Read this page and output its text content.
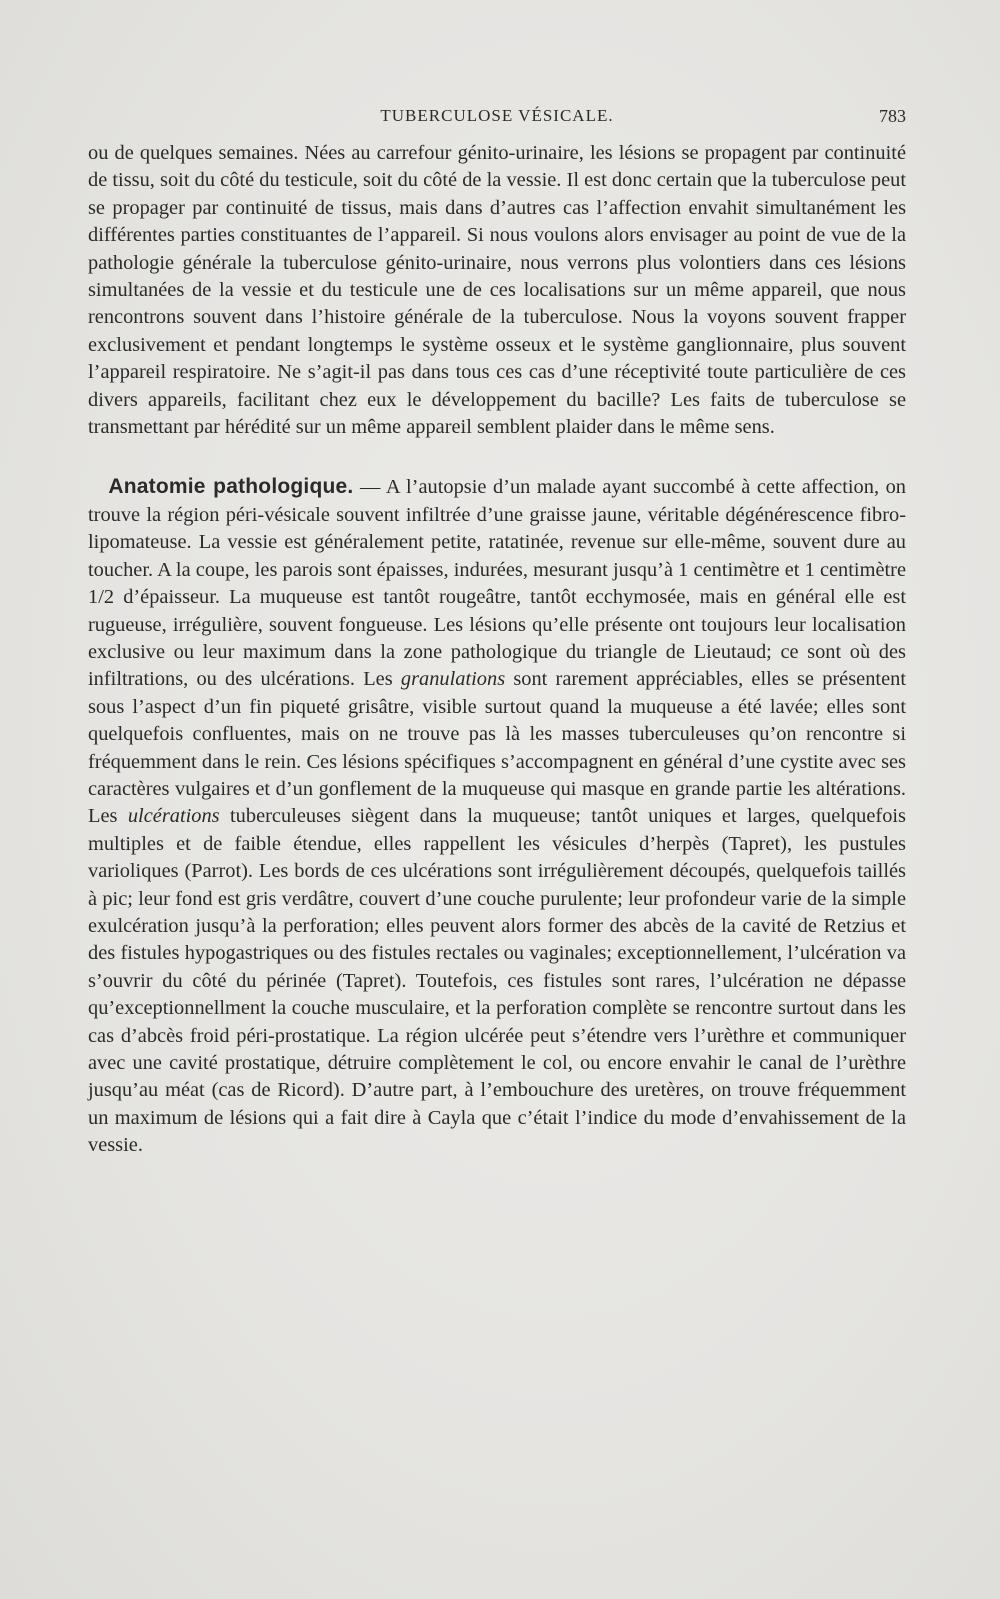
TUBERCULOSE VÉSICALE.	783

ou de quelques semaines. Nées au carrefour génito-urinaire, les lésions se propagent par continuité de tissu, soit du côté du testicule, soit du côté de la vessie. Il est donc certain que la tuberculose peut se propager par continuité de tissus, mais dans d’autres cas l’affection envahit simultanément les différentes parties constituantes de l’appareil. Si nous voulons alors envisager au point de vue de la pathologie générale la tuberculose génito-urinaire, nous verrons plus volontiers dans ces lésions simultanées de la vessie et du testicule une de ces localisations sur un même appareil, que nous rencontrons souvent dans l’histoire générale de la tuberculose. Nous la voyons souvent frapper exclusivement et pendant longtemps le système osseux et le système ganglionnaire, plus souvent l’appareil respiratoire. Ne s’agit-il pas dans tous ces cas d’une réceptivité toute particulière de ces divers appareils, facilitant chez eux le développement du bacille? Les faits de tuberculose se transmettant par hérédité sur un même appareil semblent plaider dans le même sens.

 Anatomie pathologique. — A l’autopsie d’un malade ayant succombé à cette affection, on trouve la région péri-vésicale souvent infiltrée d’une graisse jaune, véritable dégénérescence fibro-lipomateuse. La vessie est généralement petite, ratatinée, revenue sur elle-même, souvent dure au toucher. A la coupe, les parois sont épaisses, indurées, mesurant jusqu’à 1 centimètre et 1 centimètre 1/2 d’épaisseur. La muqueuse est tantôt rougeâtre, tantôt ecchymosée, mais en général elle est rugueuse, irrégulière, souvent fongueuse. Les lésions qu’elle présente ont toujours leur localisation exclusive ou leur maximum dans la zone pathologique du triangle de Lieutaud; ce sont où des infiltrations, ou des ulcérations. Les granulations sont rarement appréciables, elles se présentent sous l’aspect d’un fin piqueté grisâtre, visible surtout quand la muqueuse a été lavée; elles sont quelquefois confluentes, mais on ne trouve pas là les masses tuberculeuses qu’on rencontre si fréquemment dans le rein. Ces lésions spécifiques s’accompagnent en général d’une cystite avec ses caractères vulgaires et d’un gonflement de la muqueuse qui masque en grande partie les altérations. Les ulcérations tuberculeuses siègent dans la muqueuse; tantôt uniques et larges, quelquefois multiples et de faible étendue, elles rappellent les vésicules d’herpès (Tapret), les pustules varioliques (Parrot). Les bords de ces ulcérations sont irrégulièrement découpés, quelquefois taillés à pic; leur fond est gris verdâtre, couvert d’une couche purulente; leur profondeur varie de la simple exulcération jusqu’à la perforation; elles peuvent alors former des abcès de la cavité de Retzius et des fistules hypogastriques ou des fistules rectales ou vaginales; exceptionnellement, l’ulcération va s’ouvrir du côté du périnée (Tapret). Toutefois, ces fistules sont rares, l’ulcération ne dépasse qu’exceptionnellment la couche musculaire, et la perforation complète se rencontre surtout dans les cas d’abcès froid péri-prostatique. La région ulcérée peut s’étendre vers l’urèthre et communiquer avec une cavité prostatique, détruire complètement le col, ou encore envahir le canal de l’urèthre jusqu’au méat (cas de Ricord). D’autre part, à l’embouchure des uretères, on trouve fréquemment un maximum de lésions qui a fait dire à Cayla que c’était l’indice du mode d’envahissement de la vessie.
